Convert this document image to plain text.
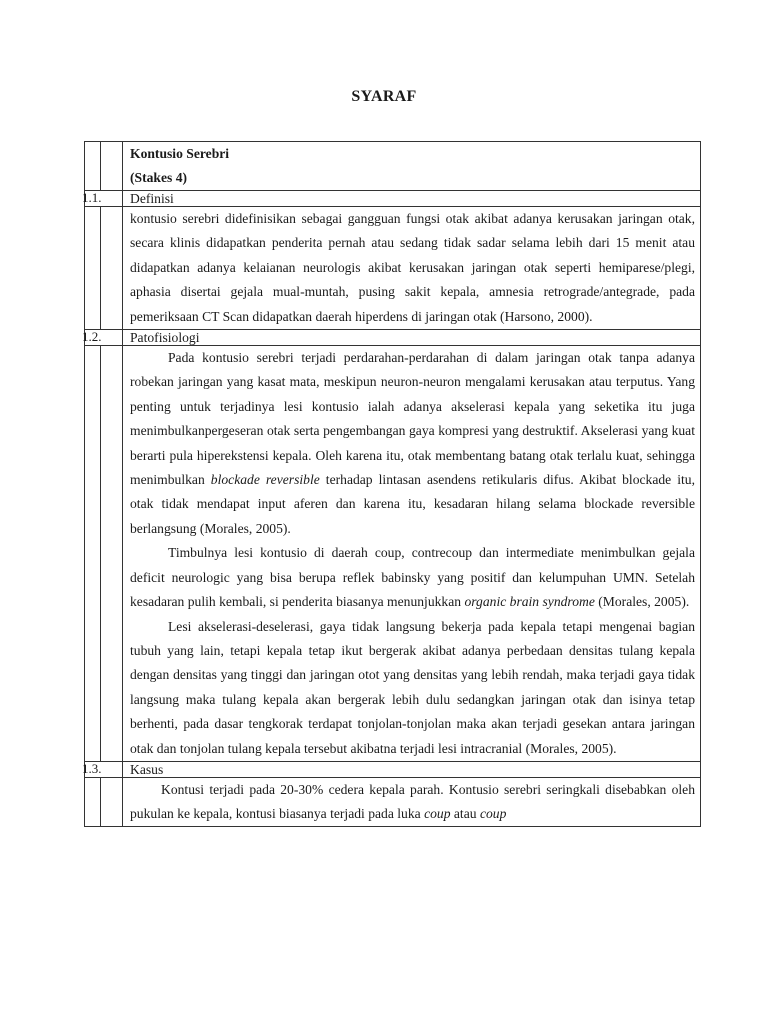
SYARAF

		Kontusio Serebri
(Stakes 4)

1.1.		Definisi

		kontusio serebri didefinisikan sebagai gangguan fungsi otak akibat adanya kerusakan jaringan otak, secara klinis didapatkan penderita pernah atau sedang tidak sadar selama lebih dari 15 menit atau didapatkan adanya kelaianan neurologis akibat kerusakan jaringan otak seperti hemiparese/plegi, aphasia disertai gejala mual-muntah, pusing sakit kepala, amnesia retrograde/antegrade, pada pemeriksaan CT Scan didapatkan daerah hiperdens di jaringan otak (Harsono, 2000).

1.2.		Patofisiologi

		Pada kontusio serebri terjadi perdarahan-perdarahan di dalam jaringan otak tanpa adanya robekan jaringan yang kasat mata, meskipun neuron-neuron mengalami kerusakan atau terputus. Yang penting untuk terjadinya lesi kontusio ialah adanya akselerasi kepala yang seketika itu juga menimbulkanpergeseran otak serta pengembangan gaya kompresi yang destruktif. Akselerasi yang kuat berarti pula hiperekstensi kepala. Oleh karena itu, otak membentang batang otak terlalu kuat, sehingga menimbulkan blockade reversible terhadap lintasan asendens retikularis difus. Akibat blockade itu, otak tidak mendapat input aferen dan karena itu, kesadaran hilang selama blockade reversible berlangsung (Morales, 2005).

Timbulnya lesi kontusio di daerah coup, contrecoup dan intermediate menimbulkan gejala deficit neurologic yang bisa berupa reflek babinsky yang positif dan kelumpuhan UMN. Setelah kesadaran pulih kembali, si penderita biasanya menunjukkan organic brain syndrome (Morales, 2005).

Lesi akselerasi-deselerasi, gaya tidak langsung bekerja pada kepala tetapi mengenai bagian tubuh yang lain, tetapi kepala tetap ikut bergerak akibat adanya perbedaan densitas tulang kepala dengan densitas yang tinggi dan jaringan otot yang densitas yang lebih rendah, maka terjadi gaya tidak langsung maka tulang kepala akan bergerak lebih dulu sedangkan jaringan otak dan isinya tetap berhenti, pada dasar tengkorak terdapat tonjolan-tonjolan maka akan terjadi gesekan antara jaringan otak dan tonjolan tulang kepala tersebut akibatna terjadi lesi intracranial (Morales, 2005).

1.3.		Kasus

		Kontusi terjadi pada 20-30% cedera kepala parah. Kontusio serebri seringkali disebabkan oleh pukulan ke kepala, kontusi biasanya terjadi pada luka coup atau coup
